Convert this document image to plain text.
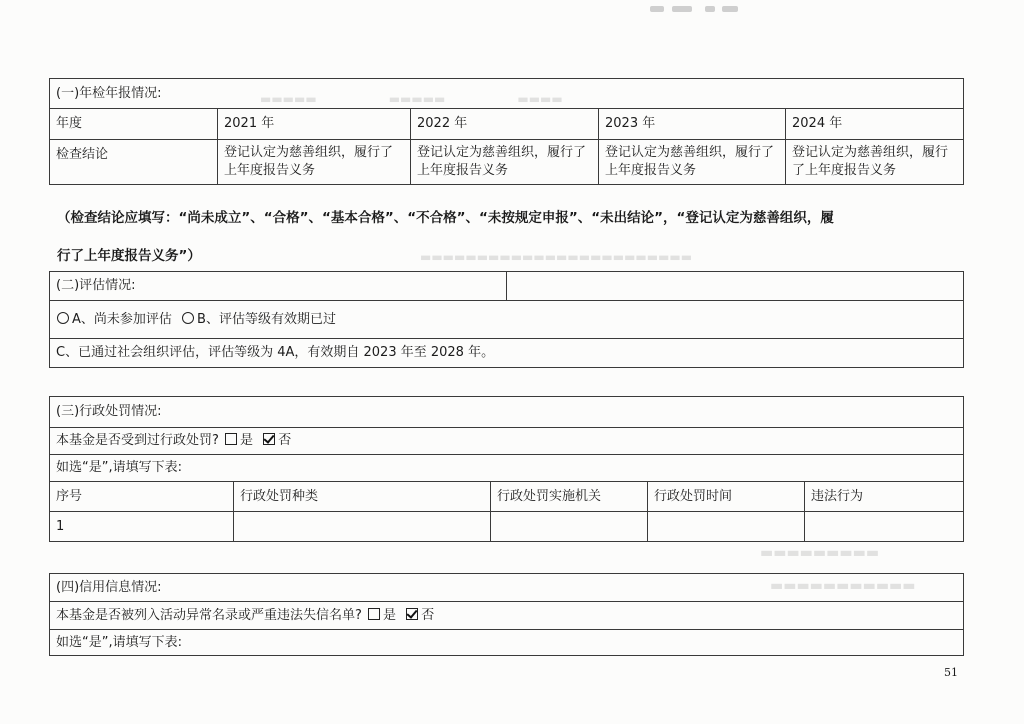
▬▬▬▬▬　　　　　　▬▬▬▬▬　　　　　　▬▬▬▬
▬▬▬▬▬▬▬▬▬▬▬▬▬▬▬▬▬▬▬▬▬▬▬▬
▬▬▬▬▬▬▬▬▬
▬▬▬▬▬▬▬▬▬▬▬
(一)年检年报情况:				
年度	2021 年	2022 年	2023 年	2024 年
检查结论	登记认定为慈善组织，履行了上年度报告义务	登记认定为慈善组织，履行了上年度报告义务	登记认定为慈善组织，履行了上年度报告义务	登记认定为慈善组织，履行了上年度报告义务
（检查结论应填写：“尚未成立”、“合格”、“基本合格”、“不合格”、“未按规定申报”、“未出结论”，“登记认定为慈善组织，履
行了上年度报告义务”）
(二)评估情况:	
A、尚未参加评估 B、评估等级有效期已过
C、已通过社会组织评估，评估等级为 4A，有效期自 2023 年至 2028 年。
(三)行政处罚情况:				
本基金是否受到过行政处罚? 是 否				
如选“是”,请填写下表:				
序号	行政处罚种类	行政处罚实施机关	行政处罚时间	违法行为
1				
(四)信用信息情况:
本基金是否被列入活动异常名录或严重违法失信名单? 是 否
如选“是”,请填写下表:
51
